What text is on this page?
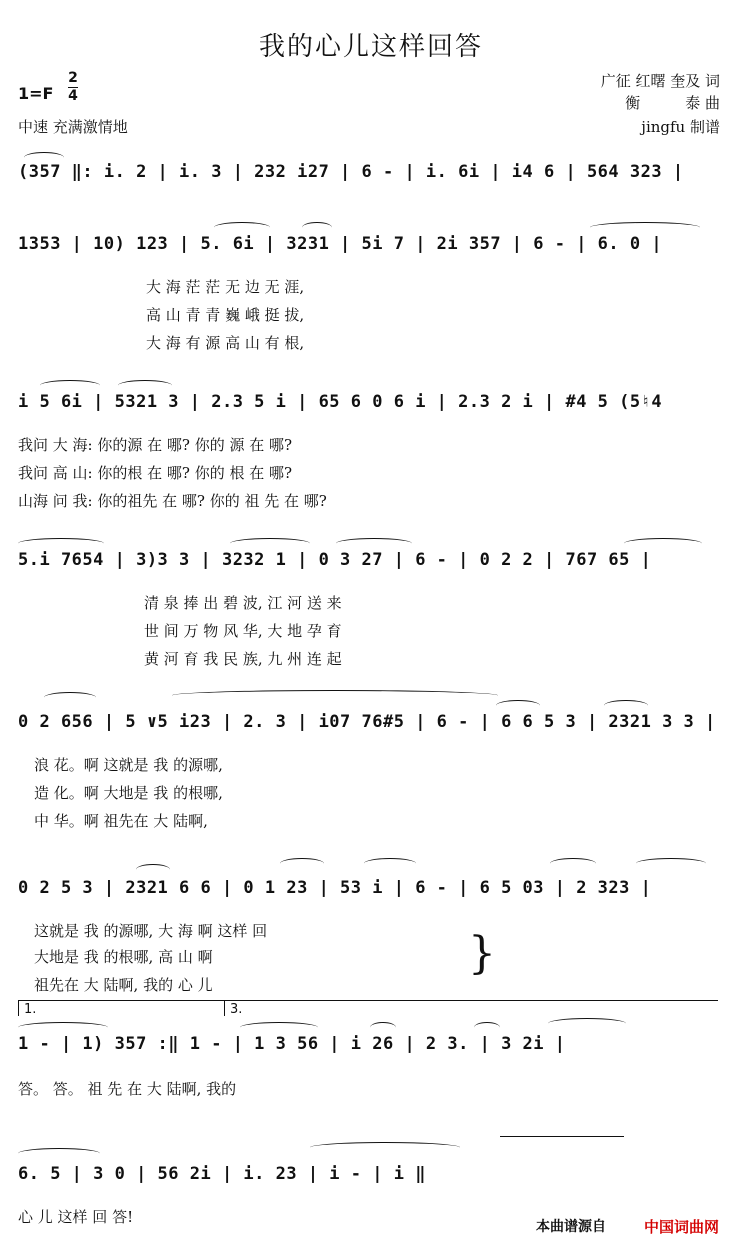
我的心儿这样回答
1=F
2
4
中速 充满激情地
广征 红曙 奎及 词
衡　　　泰 曲
jingfu 制谱
(357 ‖: i. 2 | i. 3 | 232 i27 | 6 - | i. 6i | i4 6 | 564 323 |
1353 | 10) 123 | 5. 6i | 3231 | 5i 7 | 2i 357 | 6 - | 6. 0 |
大 海 茫 茫 无 边 无 涯,
高 山 青 青 巍 峨 挺 拔,
大 海 有 源 高 山 有 根,
i 5 6i | 5321 3 | 2.3 5 i | 65 6 0 6 i | 2.3 2 i | #4 5 (5♮4
我问 大 海: 你的源 在 哪? 你的 源 在 哪?
我问 高 山: 你的根 在 哪? 你的 根 在 哪?
山海 问 我: 你的祖先 在 哪? 你的 祖 先 在 哪?
5.i 7654 | 3)3 3 | 3232 1 | 0 3 27 | 6 - | 0 2 2 | 767 65 |
清 泉 捧 出 碧 波, 江 河 送 来
世 间 万 物 风 华, 大 地 孕 育
黄 河 育 我 民 族, 九 州 连 起
0 2 656 | 5 ∨5 i23 | 2. 3 | i07 76#5 | 6 - | 6 6 5 3 | 2321 3 3 |
浪 花。啊 这就是 我 的源哪,
造 化。啊 大地是 我 的根哪,
中 华。啊 祖先在 大 陆啊,
0 2 5 3 | 2321 6 6 | 0 1 23 | 53 i | 6 - | 6 5 03 | 2 323 |
这就是 我 的源哪, 大 海 啊 这样 回
大地是 我 的根哪, 高 山 啊
祖先在 大 陆啊, 我的 心 儿
}
1.	3.
1 - | 1) 357 :‖ 1 - | 1 3 56 | i 26 | 2 3. | 3 2i |
答。 答。 祖 先 在 大 陆啊, 我的
6. 5 | 3 0 | 56 2i | i. 23 | i - | i ‖
心 儿 这样 回 答!
本曲谱源自	中国词曲网
